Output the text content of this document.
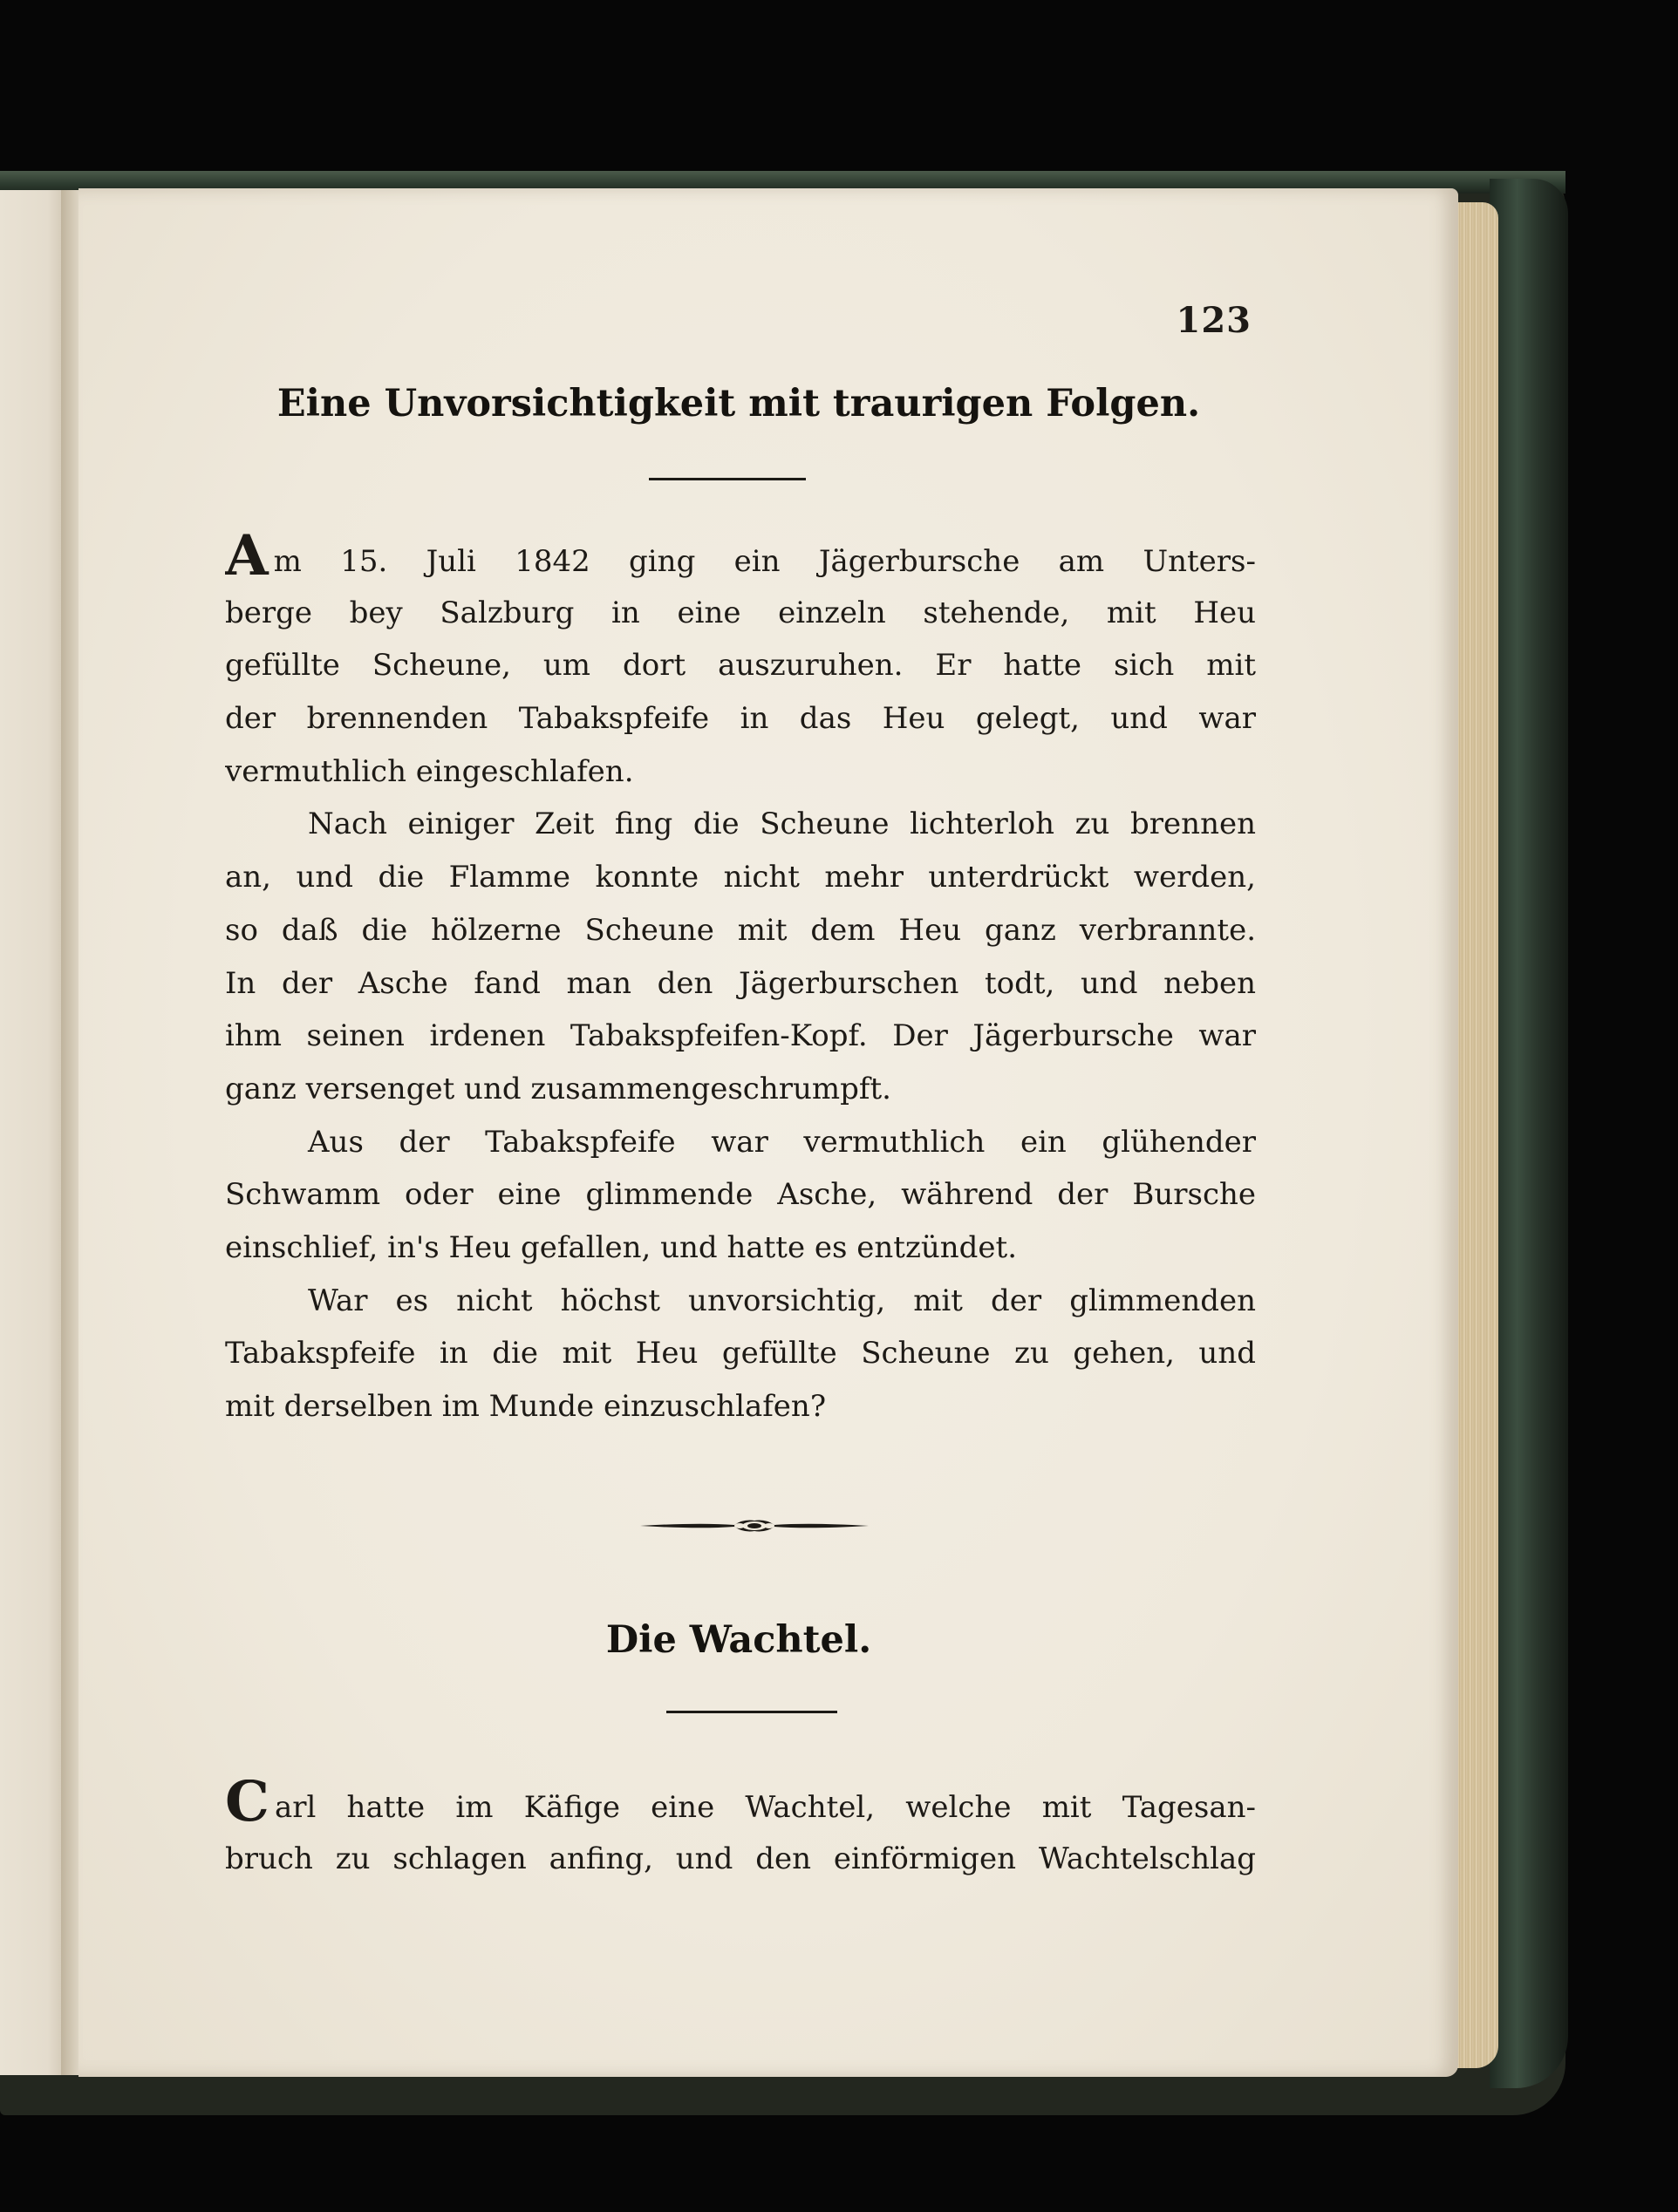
123
Eine Unvorsichtigkeit mit traurigen Folgen.
Am 15. Juli 1842 ging ein Jägerbursche am Unters-
berge bey Salzburg in eine einzeln stehende, mit Heu
gefüllte Scheune, um dort auszuruhen. Er hatte sich mit
der brennenden Tabakspfeife in das Heu gelegt, und war
vermuthlich eingeschlafen.
Nach einiger Zeit fing die Scheune lichterloh zu brennen
an, und die Flamme konnte nicht mehr unterdrückt werden,
so daß die hölzerne Scheune mit dem Heu ganz verbrannte.
In der Asche fand man den Jägerburschen todt, und neben
ihm seinen irdenen Tabakspfeifen-Kopf. Der Jägerbursche war
ganz versenget und zusammengeschrumpft.
Aus der Tabakspfeife war vermuthlich ein glühender
Schwamm oder eine glimmende Asche, während der Bursche
einschlief, in's Heu gefallen, und hatte es entzündet.
War es nicht höchst unvorsichtig, mit der glimmenden
Tabakspfeife in die mit Heu gefüllte Scheune zu gehen, und
mit derselben im Munde einzuschlafen?
Die Wachtel.
Carl hatte im Käfige eine Wachtel, welche mit Tagesan-
bruch zu schlagen anfing, und den einförmigen Wachtelschlag
